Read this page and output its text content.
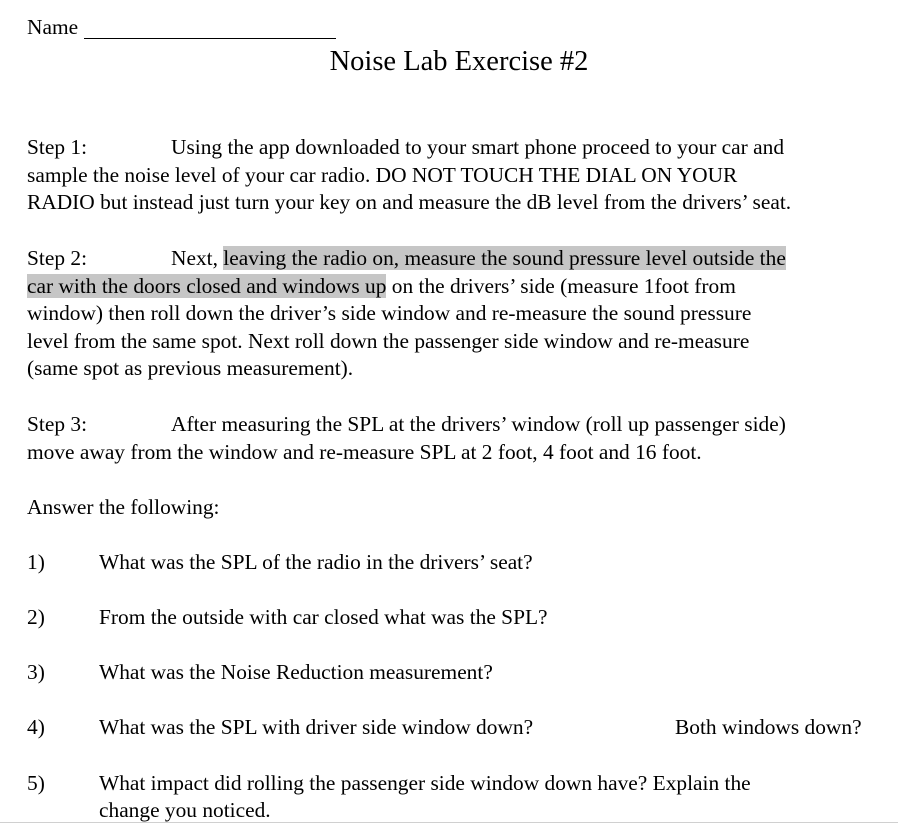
Name
Noise Lab Exercise #2
Step 1:	Using the app downloaded to your smart phone proceed to your car and
sample the noise level of your car radio. DO NOT TOUCH THE DIAL ON YOUR
RADIO but instead just turn your key on and measure the dB level from the drivers’ seat.
Step 2:	Next, leaving the radio on, measure the sound pressure level outside the
car with the doors closed and windows up on the drivers’ side (measure 1foot from
window) then roll down the driver’s side window and re-measure the sound pressure
level from the same spot. Next roll down the passenger side window and re-measure
(same spot as previous measurement).
Step 3:	After measuring the SPL at the drivers’ window (roll up passenger side)
move away from the window and re-measure SPL at 2 foot, 4 foot and 16 foot.
Answer the following:
1)	What was the SPL of the radio in the drivers’ seat?
2)	From the outside with car closed what was the SPL?
3)	What was the Noise Reduction measurement?
4)	What was the SPL with driver side window down?	Both windows down?
5)	What impact did rolling the passenger side window down have? Explain the
change you noticed.
